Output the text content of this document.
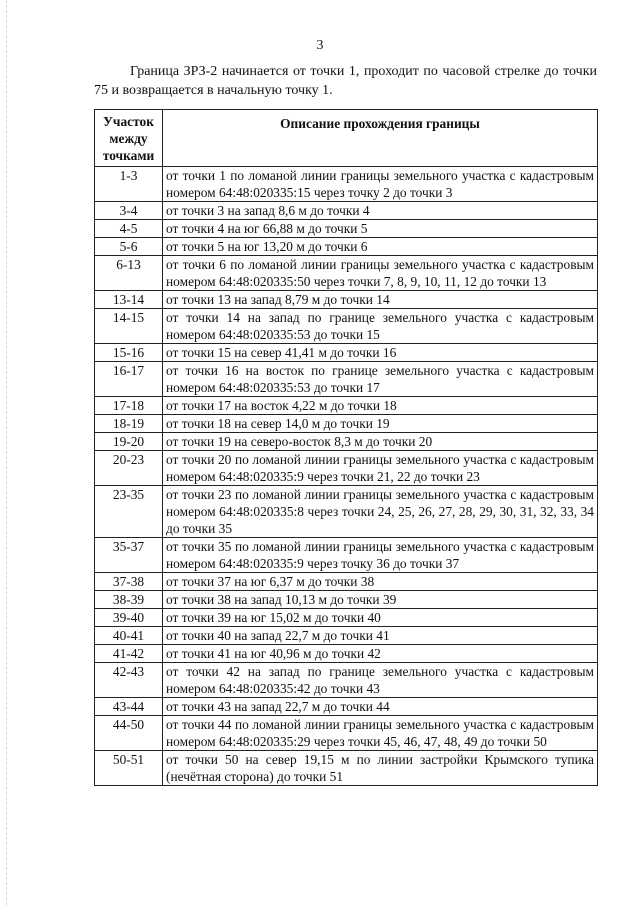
3

Граница ЗРЗ-2 начинается от точки 1, проходит по часовой стрелке до точки 75 и возвращается в начальную точку 1.

Участок между точками	Описание прохождения границы
1-3	от точки 1 по ломаной линии границы земельного участка с кадастровым номером 64:48:020335:15 через точку 2 до точки 3
3-4	от точки 3 на запад 8,6 м до точки 4
4-5	от точки 4 на юг 66,88 м до точки 5
5-6	от точки 5 на юг 13,20 м до точки 6
6-13	от точки 6 по ломаной линии границы земельного участка с кадастровым номером 64:48:020335:50 через точки 7, 8, 9, 10, 11, 12 до точки 13
13-14	от точки 13 на запад 8,79 м до точки 14
14-15	от точки 14 на запад по границе земельного участка с кадастровым номером 64:48:020335:53 до точки 15
15-16	от точки 15 на север 41,41 м до точки 16
16-17	от точки 16 на восток по границе земельного участка с кадастровым номером 64:48:020335:53 до точки 17
17-18	от точки 17 на восток 4,22 м до точки 18
18-19	от точки 18 на север 14,0 м до точки 19
19-20	от точки 19 на северо-восток 8,3 м до точки 20
20-23	от точки 20 по ломаной линии границы земельного участка с кадастровым номером 64:48:020335:9 через точки 21, 22 до точки 23
23-35	от точки 23 по ломаной линии границы земельного участка с кадастровым номером 64:48:020335:8 через точки 24, 25, 26, 27, 28, 29, 30, 31, 32, 33, 34 до точки 35
35-37	от точки 35 по ломаной линии границы земельного участка с кадастровым номером 64:48:020335:9 через точку 36 до точки 37
37-38	от точки 37 на юг 6,37 м до точки 38
38-39	от точки 38 на запад 10,13 м до точки 39
39-40	от точки 39 на юг 15,02 м до точки 40
40-41	от точки 40 на запад 22,7 м до точки 41
41-42	от точки 41 на юг 40,96 м до точки 42
42-43	от точки 42 на запад по границе земельного участка с кадастровым номером 64:48:020335:42 до точки 43
43-44	от точки 43 на запад 22,7 м до точки 44
44-50	от точки 44 по ломаной линии границы земельного участка с кадастровым номером 64:48:020335:29 через точки 45, 46, 47, 48, 49 до точки 50
50-51	от точки 50 на север 19,15 м по линии застройки Крымского тупика (нечётная сторона) до точки 51
